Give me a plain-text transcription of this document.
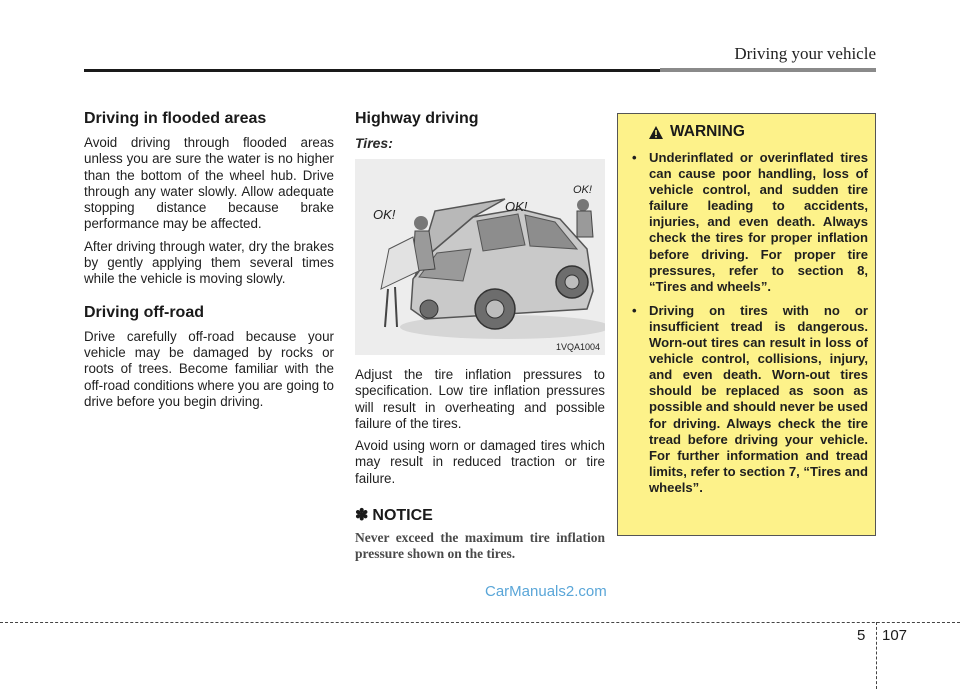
Driving your vehicle
Driving in flooded areas

Avoid driving through flooded areas unless you are sure the water is no higher than the bottom of the wheel hub. Drive through any water slowly. Allow adequate stopping distance because brake performance may be affected.

After driving through water, dry the brakes by gently applying them several times while the vehicle is moving slowly.

Driving off-road

Drive carefully off-road because your vehicle may be damaged by rocks or roots of trees. Become familiar with the off-road conditions where you are going to drive before you begin driving.

Highway driving
Tires:
OK!
OK!
OK!
1VQA1004

Adjust the tire inflation pressures to specification. Low tire inflation pressures will result in overheating and possible failure of the tires.

Avoid using worn or damaged tires which may result in reduced traction or tire failure.

✽ NOTICE

Never exceed the maximum tire inflation pressure shown on the tires.

WARNING
• Underinflated or overinflated tires can cause poor handling, loss of vehicle control, and sudden tire failure leading to accidents, injuries, and even death. Always check the tires for proper inflation before driving. For proper tire pressures, refer to section 8, “Tires and wheels”.
• Driving on tires with no or insufficient tread is dangerous. Worn-out tires can result in loss of vehicle control, collisions, injury, and even death. Worn-out tires should be replaced as soon as possible and should never be used for driving. Always check the tire tread before driving your vehicle. For further information and tread limits, refer to section 7, “Tires and wheels”.
CarManuals2.com
5 107
